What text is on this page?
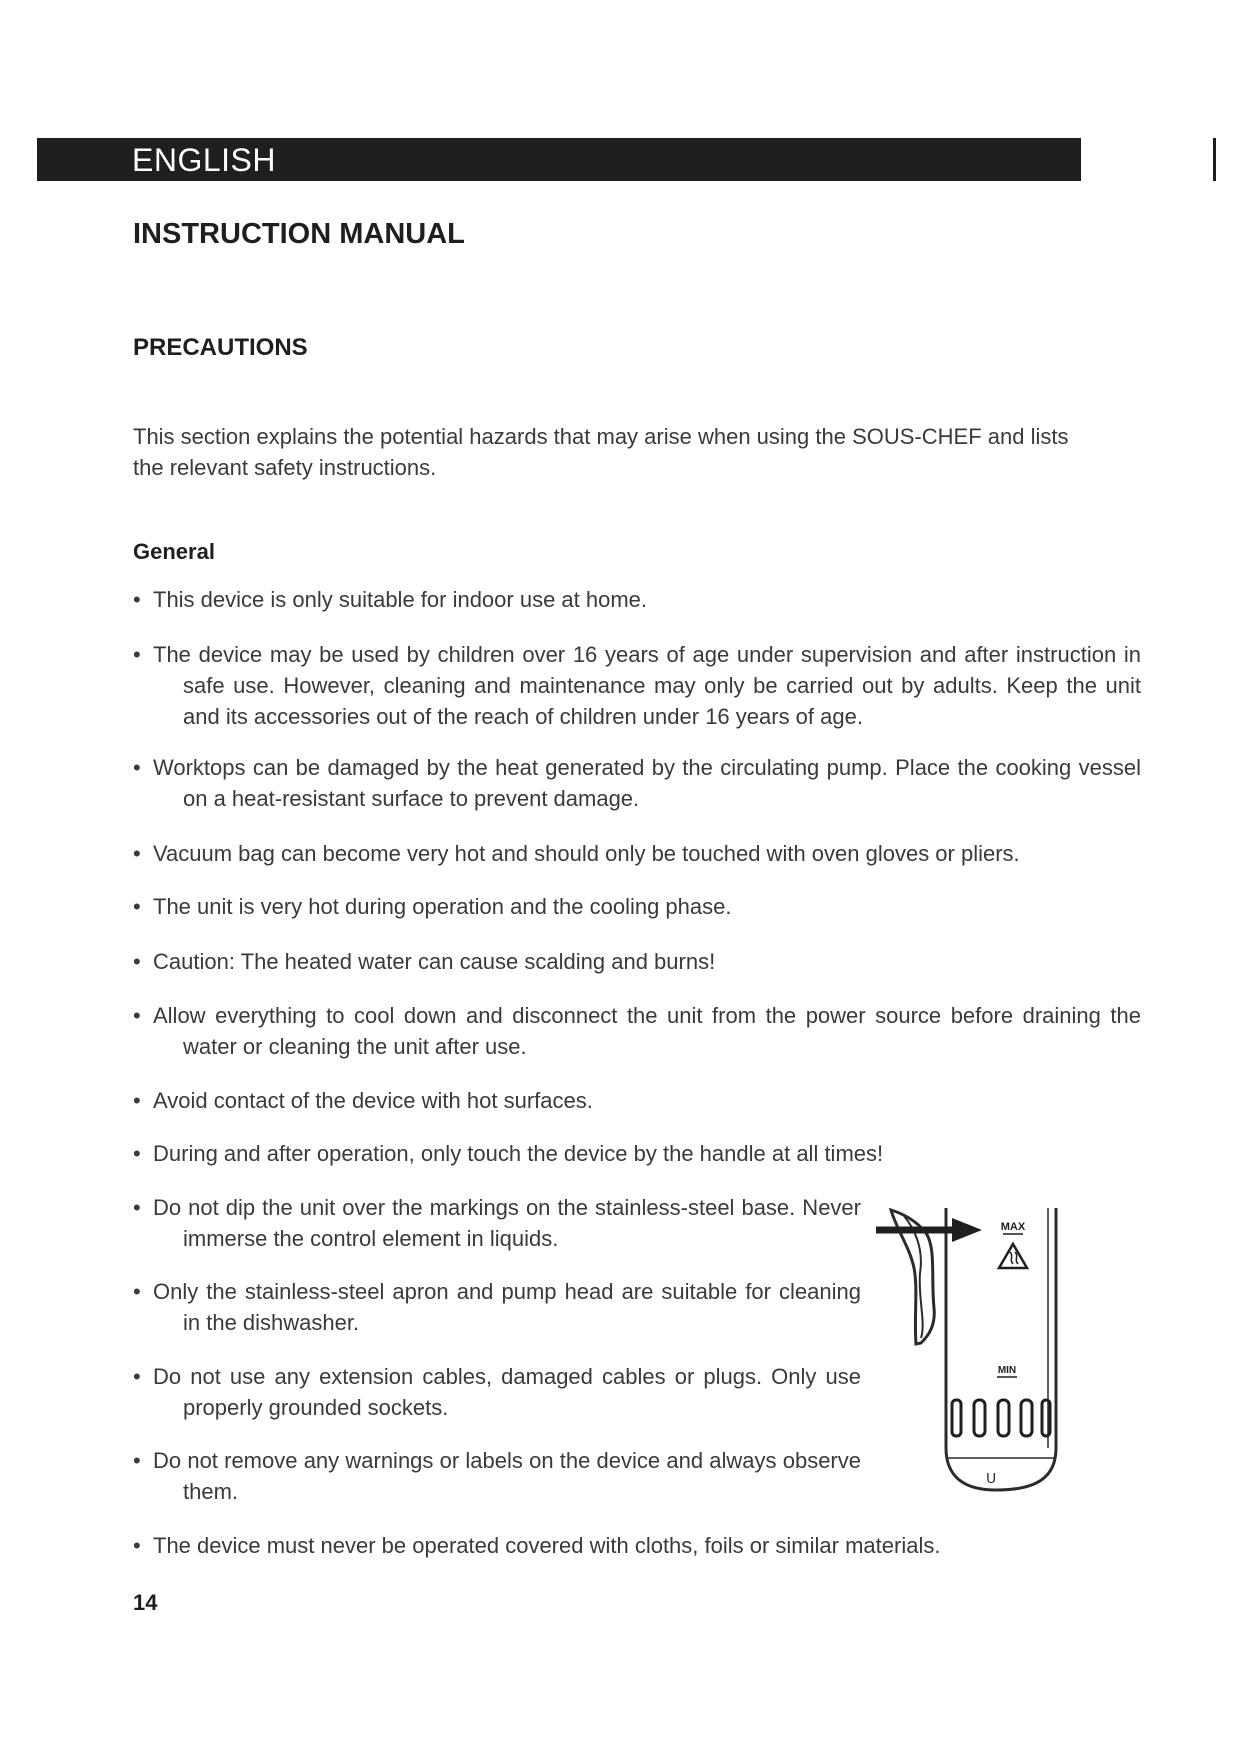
ENGLISH
INSTRUCTION MANUAL
PRECAUTIONS
This section explains the potential hazards that may arise when using the SOUS-CHEF and lists the relevant safety instructions.
General
• This device is only suitable for indoor use at home.
• The device may be used by children over 16 years of age under supervision and after instruction in safe use. However, cleaning and maintenance may only be carried out by adults. Keep the unit and its accessories out of the reach of children under 16 years of age.
• Worktops can be damaged by the heat generated by the circulating pump. Place the cooking vessel on a heat-resistant surface to prevent damage.
• Vacuum bag can become very hot and should only be touched with oven gloves or pliers.
• The unit is very hot during operation and the cooling phase.
• Caution: The heated water can cause scalding and burns!
• Allow everything to cool down and disconnect the unit from the power source before draining the water or cleaning the unit after use.
• Avoid contact of the device with hot surfaces.
• During and after operation, only touch the device by the handle at all times!
• Do not dip the unit over the markings on the stainless-steel base. Never immerse the control element in liquids.
• Only the stainless-steel apron and pump head are suitable for cleaning in the dishwasher.
• Do not use any extension cables, damaged cables or plugs. Only use properly grounded sockets.
• Do not remove any warnings or labels on the device and always observe them.
• The device must never be operated covered with cloths, foils or similar materials.
14
MAX
MIN
ᑌ
